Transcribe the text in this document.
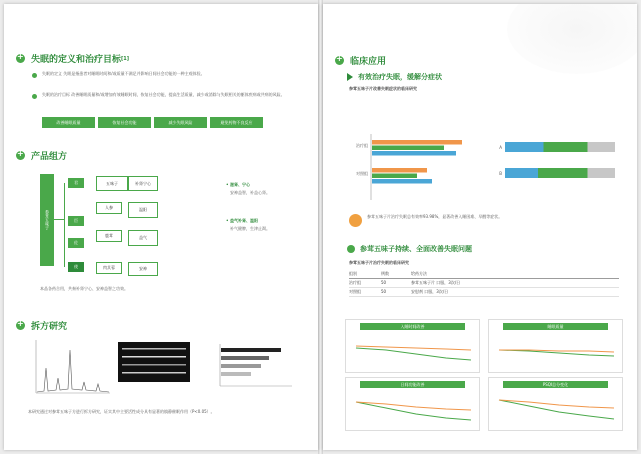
+
失眠的定义和治疗目标 [1]
失眠的定义 失眠是指患者对睡眠时间和/或质量不满足并影响日间社会功能的一种主观体验。
失眠的治疗目标 改善睡眠质量和/或增加有效睡眠时间，恢复社会功能，提高生活质量，减少或消除与失眠相关的躯体疾病或共病的风险。
改善睡眠质量	恢复社会功能	减少失眠风险	避免药物不良反应
+
产品组方
参茸五味子
君
臣
佐
使
五味子
人参
鹿茸
肉苁蓉
补肾宁心
温阳
益气
安神
• 滋肾、宁心
安神益智，补益心肾。
• 益气补肾、温阳
补气健脾，生津止渴。
本品各药合用，共奏补肾宁心、安神益智之功效。
+
拆方研究
本研究通过对参茸五味子方进行拆方研究，证实其中主要活性成分具有显著的镇静催眠作用（P<0.05）。
+
临床应用
有效治疗失眠，缓解分症状
参茸五味子片改善失眠症状的临床研究
治疗组
对照组
A
B
参茸五味子片治疗失眠总有效率93.98%，显著改善入睡困难、早醒等症状。
参茸五味子持续、全面改善失眠问题
参茸五味子片治疗失眠的临床研究
组别	例数	给药方法
治疗组	50	参茸五味子片 口服，3次/日
对照组	50	安慰剂 口服，3次/日
入睡时间改善	睡眠质量
日间功能改善	PSQI总分变化
